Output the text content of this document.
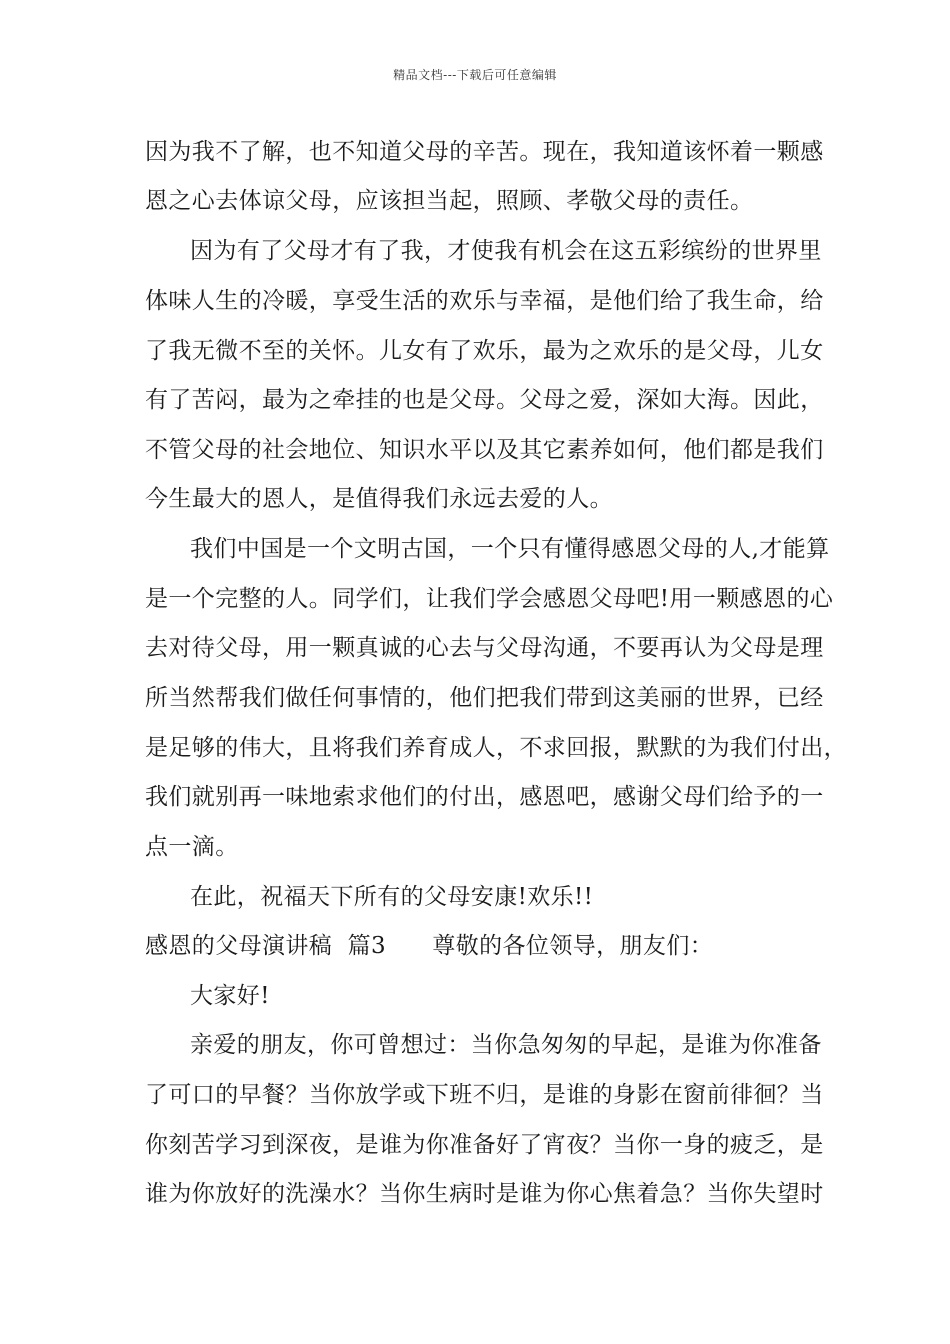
精品文档---下载后可任意编辑
因为我不了解，也不知道父母的辛苦。现在，我知道该怀着一颗感
恩之心去体谅父母，应该担当起，照顾、孝敬父母的责任。
因为有了父母才有了我，才使我有机会在这五彩缤纷的世界里
体味人生的冷暖，享受生活的欢乐与幸福，是他们给了我生命，给
了我无微不至的关怀。儿女有了欢乐，最为之欢乐的是父母，儿女
有了苦闷，最为之牵挂的也是父母。父母之爱，深如大海。因此，
不管父母的社会地位、知识水平以及其它素养如何，他们都是我们
今生最大的恩人，是值得我们永远去爱的人。
我们中国是一个文明古国，一个只有懂得感恩父母的人,才能算
是一个完整的人。同学们，让我们学会感恩父母吧!用一颗感恩的心
去对待父母，用一颗真诚的心去与父母沟通，不要再认为父母是理
所当然帮我们做任何事情的，他们把我们带到这美丽的世界，已经
是足够的伟大，且将我们养育成人，不求回报，默默的为我们付出，
我们就别再一味地索求他们的付出，感恩吧，感谢父母们给予的一
点一滴。
在此，祝福天下所有的父母安康!欢乐!!
感恩的父母演讲稿  篇3      尊敬的各位领导，朋友们：
大家好!
亲爱的朋友，你可曾想过：当你急匆匆的早起，是谁为你准备
了可口的早餐？当你放学或下班不归，是谁的身影在窗前徘徊？当
你刻苦学习到深夜，是谁为你准备好了宵夜？当你一身的疲乏，是
谁为你放好的洗澡水？当你生病时是谁为你心焦着急？当你失望时
